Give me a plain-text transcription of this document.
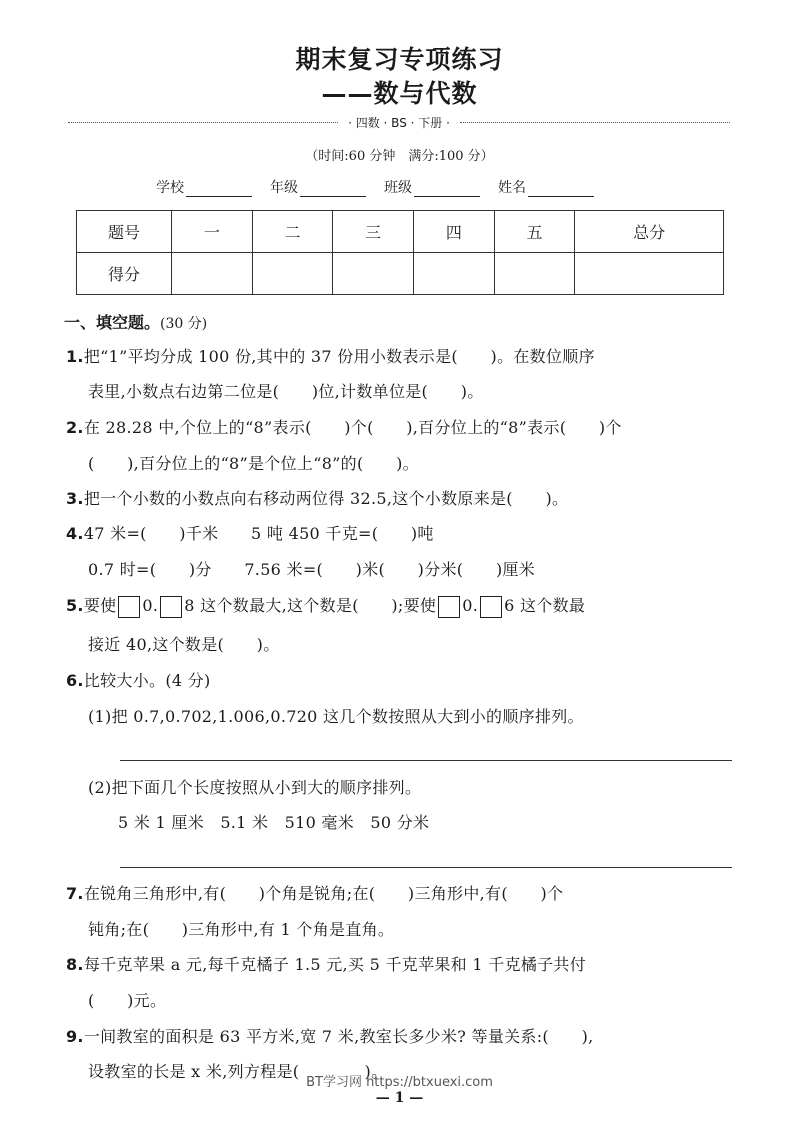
期末复习专项练习
——数与代数
· 四数 · BS · 下册 ·
（时间:60 分钟　满分:100 分）
学校	年级	班级	姓名
题号	一	二	三	四	五	总分
得分						
一、填空题。(30 分)
1.把“1”平均分成 100 份,其中的 37 份用小数表示是(　　)。在数位顺序
表里,小数点右边第二位是(　　)位,计数单位是(　　)。
2.在 28.28 中,个位上的“8”表示(　　)个(　　),百分位上的“8”表示(　　)个
(　　),百分位上的“8”是个位上“8”的(　　)。
3.把一个小数的小数点向右移动两位得 32.5,这个小数原来是(　　)。
4.47 米=(　　)千米　　5 吨 450 千克=(　　)吨
0.7 时=(　　)分　　7.56 米=(　　)米(　　)分米(　　)厘米
5.要使 0. 8 这个数最大,这个数是(　　);要使 0. 6 这个数最
接近 40,这个数是(　　)。
6.比较大小。(4 分)
(1)把 0.7,0.702,1.006,0.720 这几个数按照从大到小的顺序排列。
(2)把下面几个长度按照从小到大的顺序排列。
5 米 1 厘米　5.1 米　510 毫米　50 分米
7.在锐角三角形中,有(　　)个角是锐角;在(　　)三角形中,有(　　)个
钝角;在(　　)三角形中,有 1 个角是直角。
8.每千克苹果 a 元,每千克橘子 1.5 元,买 5 千克苹果和 1 千克橘子共付
(　　)元。
9.一间教室的面积是 63 平方米,宽 7 米,教室长多少米? 等量关系:(　　),
设教室的长是 x 米,列方程是(　　　　)。
BT学习网 https://btxuexi.com
— 1 —
